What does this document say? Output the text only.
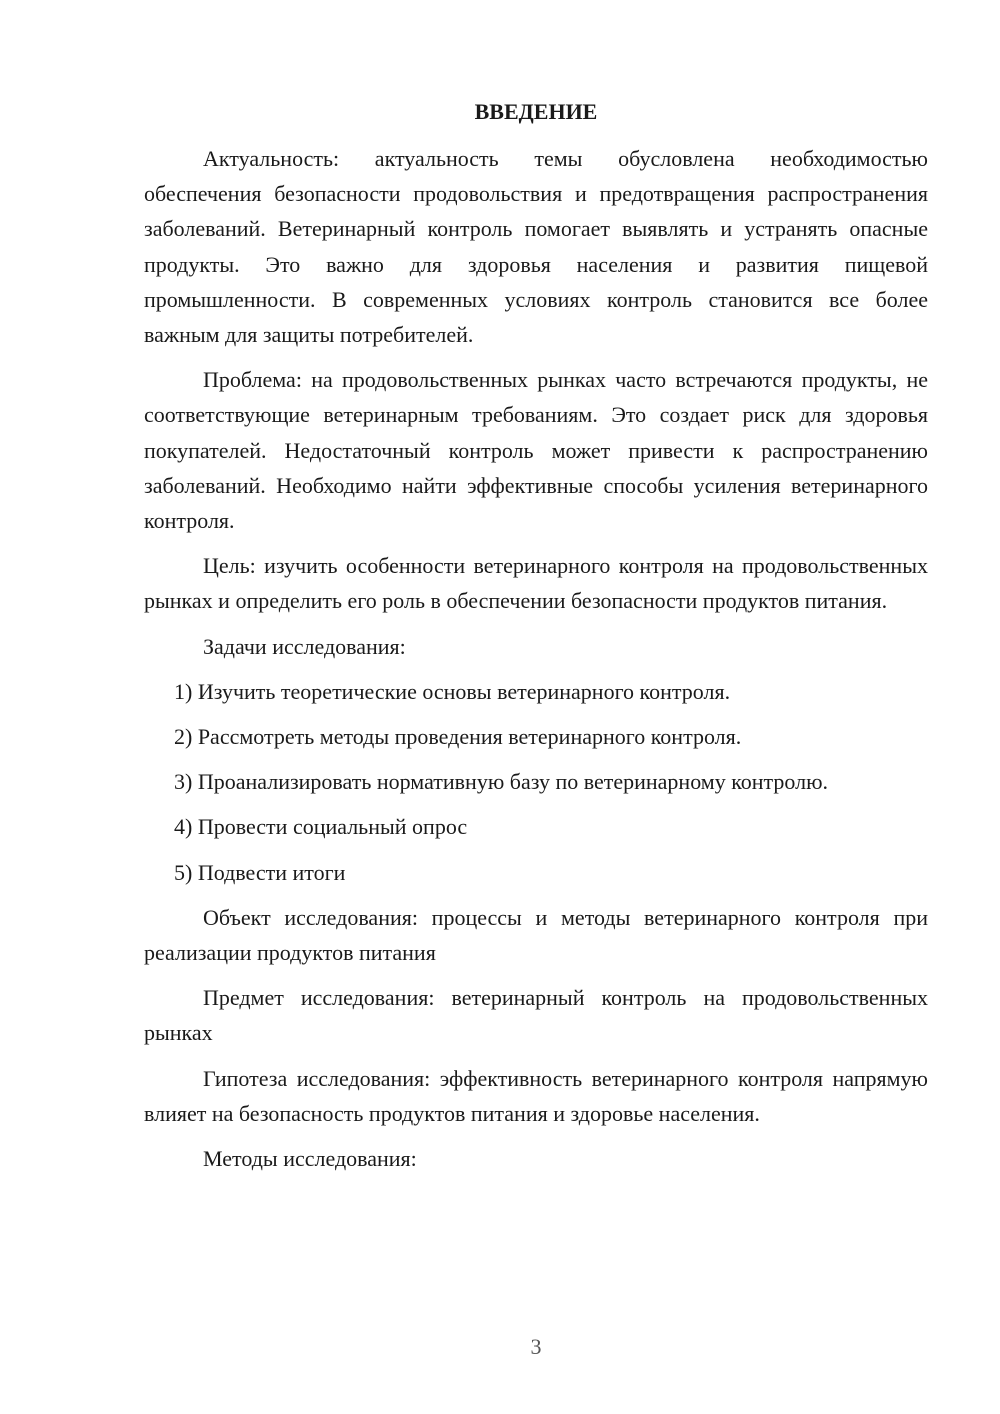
ВВЕДЕНИЕ

Актуальность: актуальность темы обусловлена необходимостью обеспечения безопасности продовольствия и предотвращения распространения заболеваний. Ветеринарный контроль помогает выявлять и устранять опасные продукты. Это важно для здоровья населения и развития пищевой промышленности. В современных условиях контроль становится все более важным для защиты потребителей.

Проблема: на продовольственных рынках часто встречаются продукты, не соответствующие ветеринарным требованиям. Это создает риск для здоровья покупателей. Недостаточный контроль может привести к распространению заболеваний. Необходимо найти эффективные способы усиления ветеринарного контроля.

Цель: изучить особенности ветеринарного контроля на продовольственных рынках и определить его роль в обеспечении безопасности продуктов питания.

Задачи исследования:

1) Изучить теоретические основы ветеринарного контроля.
2) Рассмотреть методы проведения ветеринарного контроля.
3) Проанализировать нормативную базу по ветеринарному контролю.
4) Провести социальный опрос
5) Подвести итоги

Объект исследования: процессы и методы ветеринарного контроля при реализации продуктов питания

Предмет исследования: ветеринарный контроль на продовольственных рынках

Гипотеза исследования: эффективность ветеринарного контроля напрямую влияет на безопасность продуктов питания и здоровье населения.

Методы исследования:

3
